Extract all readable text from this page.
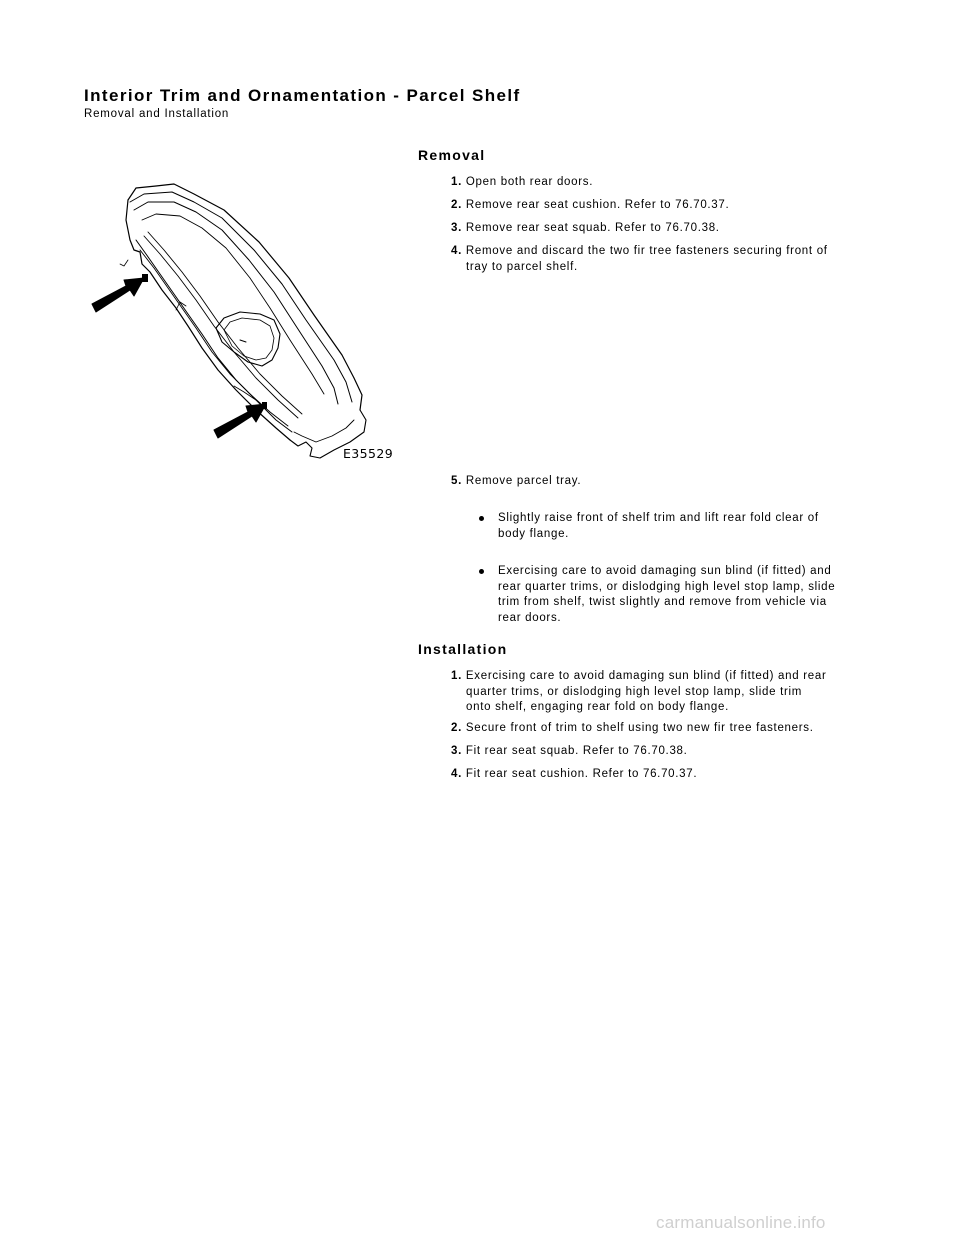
Interior Trim and Ornamentation - Parcel Shelf
Removal and Installation
Removal
1. Open both rear doors.
2. Remove rear seat cushion. Refer to 76.70.37.
3. Remove rear seat squab. Refer to 76.70.38.
4. Remove and discard the two fir tree fasteners securing front of
tray to parcel shelf.
E35529
5. Remove parcel tray.
Slightly raise front of shelf trim and lift rear fold clear of
body flange.
Exercising care to avoid damaging sun blind (if fitted) and
rear quarter trims, or dislodging high level stop lamp, slide
trim from shelf, twist slightly and remove from vehicle via
rear doors.
Installation
1. Exercising care to avoid damaging sun blind (if fitted) and rear
quarter trims, or dislodging high level stop lamp, slide trim
onto shelf, engaging rear fold on body flange.
2. Secure front of trim to shelf using two new fir tree fasteners.
3. Fit rear seat squab. Refer to 76.70.38.
4. Fit rear seat cushion. Refer to 76.70.37.
carmanualsonline.info
